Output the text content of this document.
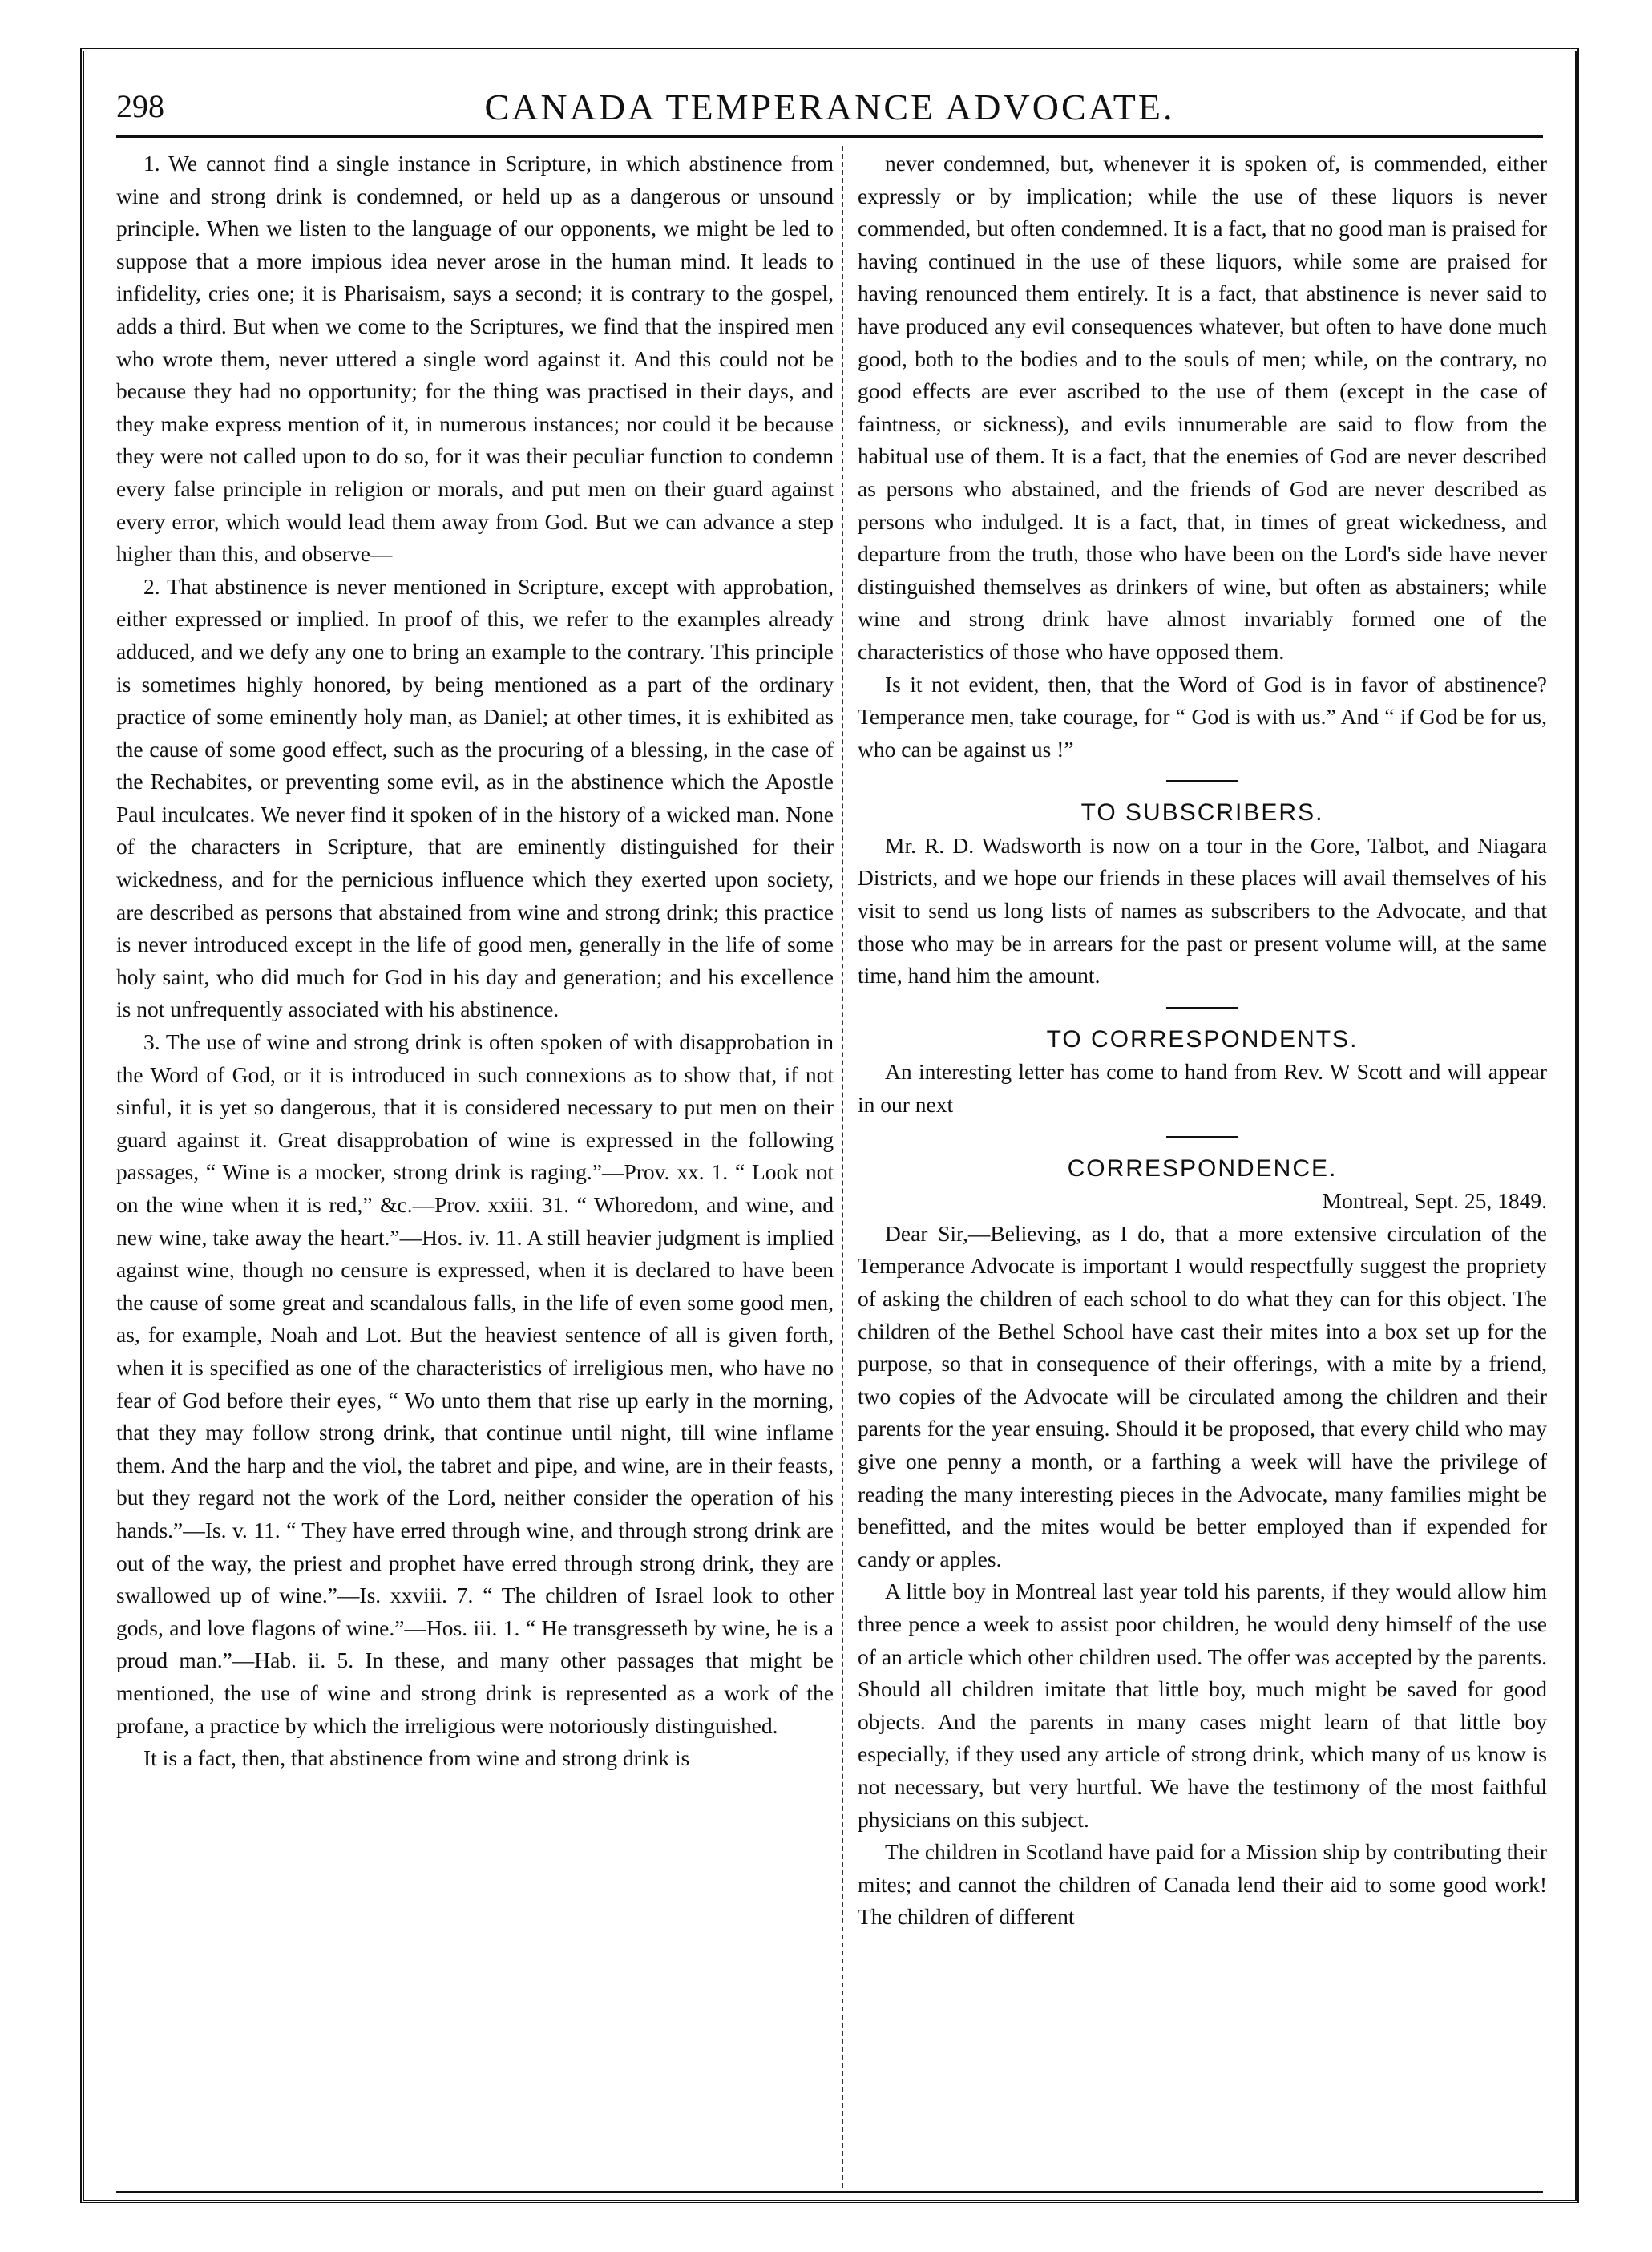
298	CANADA TEMPERANCE ADVOCATE.

1. We cannot find a single instance in Scripture, in which abstinence from wine and strong drink is condemned, or held up as a dangerous or unsound principle. When we listen to the language of our opponents, we might be led to suppose that a more impious idea never arose in the human mind. It leads to infidelity, cries one; it is Pharisaism, says a second; it is contrary to the gospel, adds a third. But when we come to the Scriptures, we find that the inspired men who wrote them, never uttered a single word against it. And this could not be because they had no opportunity; for the thing was practised in their days, and they make express mention of it, in numerous instances; nor could it be because they were not called upon to do so, for it was their peculiar function to condemn every false principle in religion or morals, and put men on their guard against every error, which would lead them away from God. But we can advance a step higher than this, and observe—

2. That abstinence is never mentioned in Scripture, except with approbation, either expressed or implied. In proof of this, we refer to the examples already adduced, and we defy any one to bring an example to the contrary. This principle is sometimes highly honored, by being mentioned as a part of the ordinary practice of some eminently holy man, as Daniel; at other times, it is exhibited as the cause of some good effect, such as the procuring of a blessing, in the case of the Rechabites, or preventing some evil, as in the abstinence which the Apostle Paul inculcates. We never find it spoken of in the history of a wicked man. None of the characters in Scripture, that are eminently distinguished for their wickedness, and for the pernicious influence which they exerted upon society, are described as persons that abstained from wine and strong drink; this practice is never introduced except in the life of good men, generally in the life of some holy saint, who did much for God in his day and generation; and his excellence is not unfrequently associated with his abstinence.

3. The use of wine and strong drink is often spoken of with disapprobation in the Word of God, or it is introduced in such connexions as to show that, if not sinful, it is yet so dangerous, that it is considered necessary to put men on their guard against it. Great disapprobation of wine is expressed in the following passages, “ Wine is a mocker, strong drink is raging.”—Prov. xx. 1. “ Look not on the wine when it is red,” &c.—Prov. xxiii. 31. “ Whoredom, and wine, and new wine, take away the heart.”—Hos. iv. 11. A still heavier judgment is implied against wine, though no censure is expressed, when it is declared to have been the cause of some great and scandalous falls, in the life of even some good men, as, for example, Noah and Lot. But the heaviest sentence of all is given forth, when it is specified as one of the characteristics of irreligious men, who have no fear of God before their eyes, “ Wo unto them that rise up early in the morning, that they may follow strong drink, that continue until night, till wine inflame them. And the harp and the viol, the tabret and pipe, and wine, are in their feasts, but they regard not the work of the Lord, neither consider the operation of his hands.”—Is. v. 11. “ They have erred through wine, and through strong drink are out of the way, the priest and prophet have erred through strong drink, they are swallowed up of wine.”—Is. xxviii. 7. “ The children of Israel look to other gods, and love flagons of wine.”—Hos. iii. 1. “ He transgresseth by wine, he is a proud man.”—Hab. ii. 5. In these, and many other passages that might be mentioned, the use of wine and strong drink is represented as a work of the profane, a practice by which the irreligious were notoriously distinguished.

It is a fact, then, that abstinence from wine and strong drink is

never condemned, but, whenever it is spoken of, is commended, either expressly or by implication; while the use of these liquors is never commended, but often condemned. It is a fact, that no good man is praised for having continued in the use of these liquors, while some are praised for having renounced them entirely. It is a fact, that abstinence is never said to have produced any evil consequences whatever, but often to have done much good, both to the bodies and to the souls of men; while, on the contrary, no good effects are ever ascribed to the use of them (except in the case of faintness, or sickness), and evils innumerable are said to flow from the habitual use of them. It is a fact, that the enemies of God are never described as persons who abstained, and the friends of God are never described as persons who indulged. It is a fact, that, in times of great wickedness, and departure from the truth, those who have been on the Lord's side have never distinguished themselves as drinkers of wine, but often as abstainers; while wine and strong drink have almost invariably formed one of the characteristics of those who have opposed them.

Is it not evident, then, that the Word of God is in favor of abstinence? Temperance men, take courage, for “ God is with us.” And “ if God be for us, who can be against us !”

TO SUBSCRIBERS.

Mr. R. D. Wadsworth is now on a tour in the Gore, Talbot, and Niagara Districts, and we hope our friends in these places will avail themselves of his visit to send us long lists of names as subscribers to the Advocate, and that those who may be in arrears for the past or present volume will, at the same time, hand him the amount.

TO CORRESPONDENTS.

An interesting letter has come to hand from Rev. W Scott and will appear in our next

CORRESPONDENCE.
Montreal, Sept. 25, 1849.

Dear Sir,—Believing, as I do, that a more extensive circulation of the Temperance Advocate is important I would respectfully suggest the propriety of asking the children of each school to do what they can for this object. The children of the Bethel School have cast their mites into a box set up for the purpose, so that in consequence of their offerings, with a mite by a friend, two copies of the Advocate will be circulated among the children and their parents for the year ensuing. Should it be proposed, that every child who may give one penny a month, or a farthing a week will have the privilege of reading the many interesting pieces in the Advocate, many families might be benefitted, and the mites would be better employed than if expended for candy or apples.

A little boy in Montreal last year told his parents, if they would allow him three pence a week to assist poor children, he would deny himself of the use of an article which other children used. The offer was accepted by the parents. Should all children imitate that little boy, much might be saved for good objects. And the parents in many cases might learn of that little boy especially, if they used any article of strong drink, which many of us know is not necessary, but very hurtful. We have the testimony of the most faithful physicians on this subject.

The children in Scotland have paid for a Mission ship by contributing their mites; and cannot the children of Canada lend their aid to some good work! The children of different
